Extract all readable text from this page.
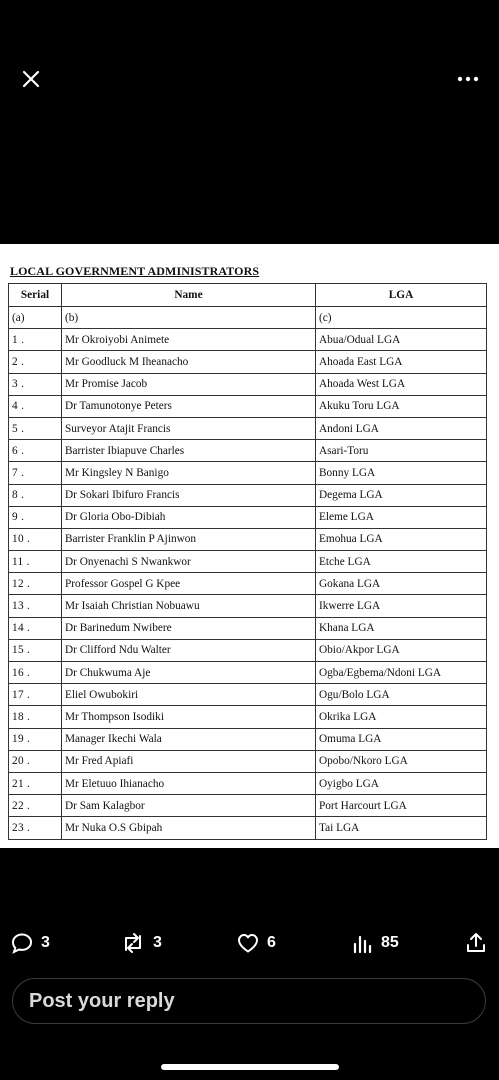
LOCAL GOVERNMENT ADMINISTRATORS
Serial	Name	LGA
(a)	(b)	(c)
1 .	Mr Okroiyobi Animete	Abua/Odual LGA
2 .	Mr Goodluck M Iheanacho	Ahoada East LGA
3 .	Mr Promise Jacob	Ahoada West LGA
4 .	Dr Tamunotonye Peters	Akuku Toru LGA
5 .	Surveyor Atajit Francis	Andoni LGA
6 .	Barrister Ibiapuve Charles	Asari-Toru
7 .	Mr Kingsley N Banigo	Bonny LGA
8 .	Dr Sokari Ibifuro Francis	Degema LGA
9 .	Dr Gloria Obo-Dibiah	Eleme LGA
10 .	Barrister Franklin P Ajinwon	Emohua LGA
11 .	Dr Onyenachi S Nwankwor	Etche LGA
12 .	Professor Gospel G Kpee	Gokana LGA
13 .	Mr Isaiah Christian Nobuawu	Ikwerre LGA
14 .	Dr Barinedum Nwibere	Khana LGA
15 .	Dr Clifford Ndu Walter	Obio/Akpor LGA
16 .	Dr Chukwuma Aje	Ogba/Egbema/Ndoni LGA
17 .	Eliel Owubokiri	Ogu/Bolo LGA
18 .	Mr Thompson Isodiki	Okrika LGA
19 .	Manager Ikechi Wala	Omuma LGA
20 .	Mr Fred Apiafi	Opobo/Nkoro LGA
21 .	Mr Eletuuo Ihianacho	Oyigbo LGA
22 .	Dr Sam Kalagbor	Port Harcourt LGA
23 .	Mr Nuka O.S Gbipah	Tai LGA
3	3	6	85
Post your reply
